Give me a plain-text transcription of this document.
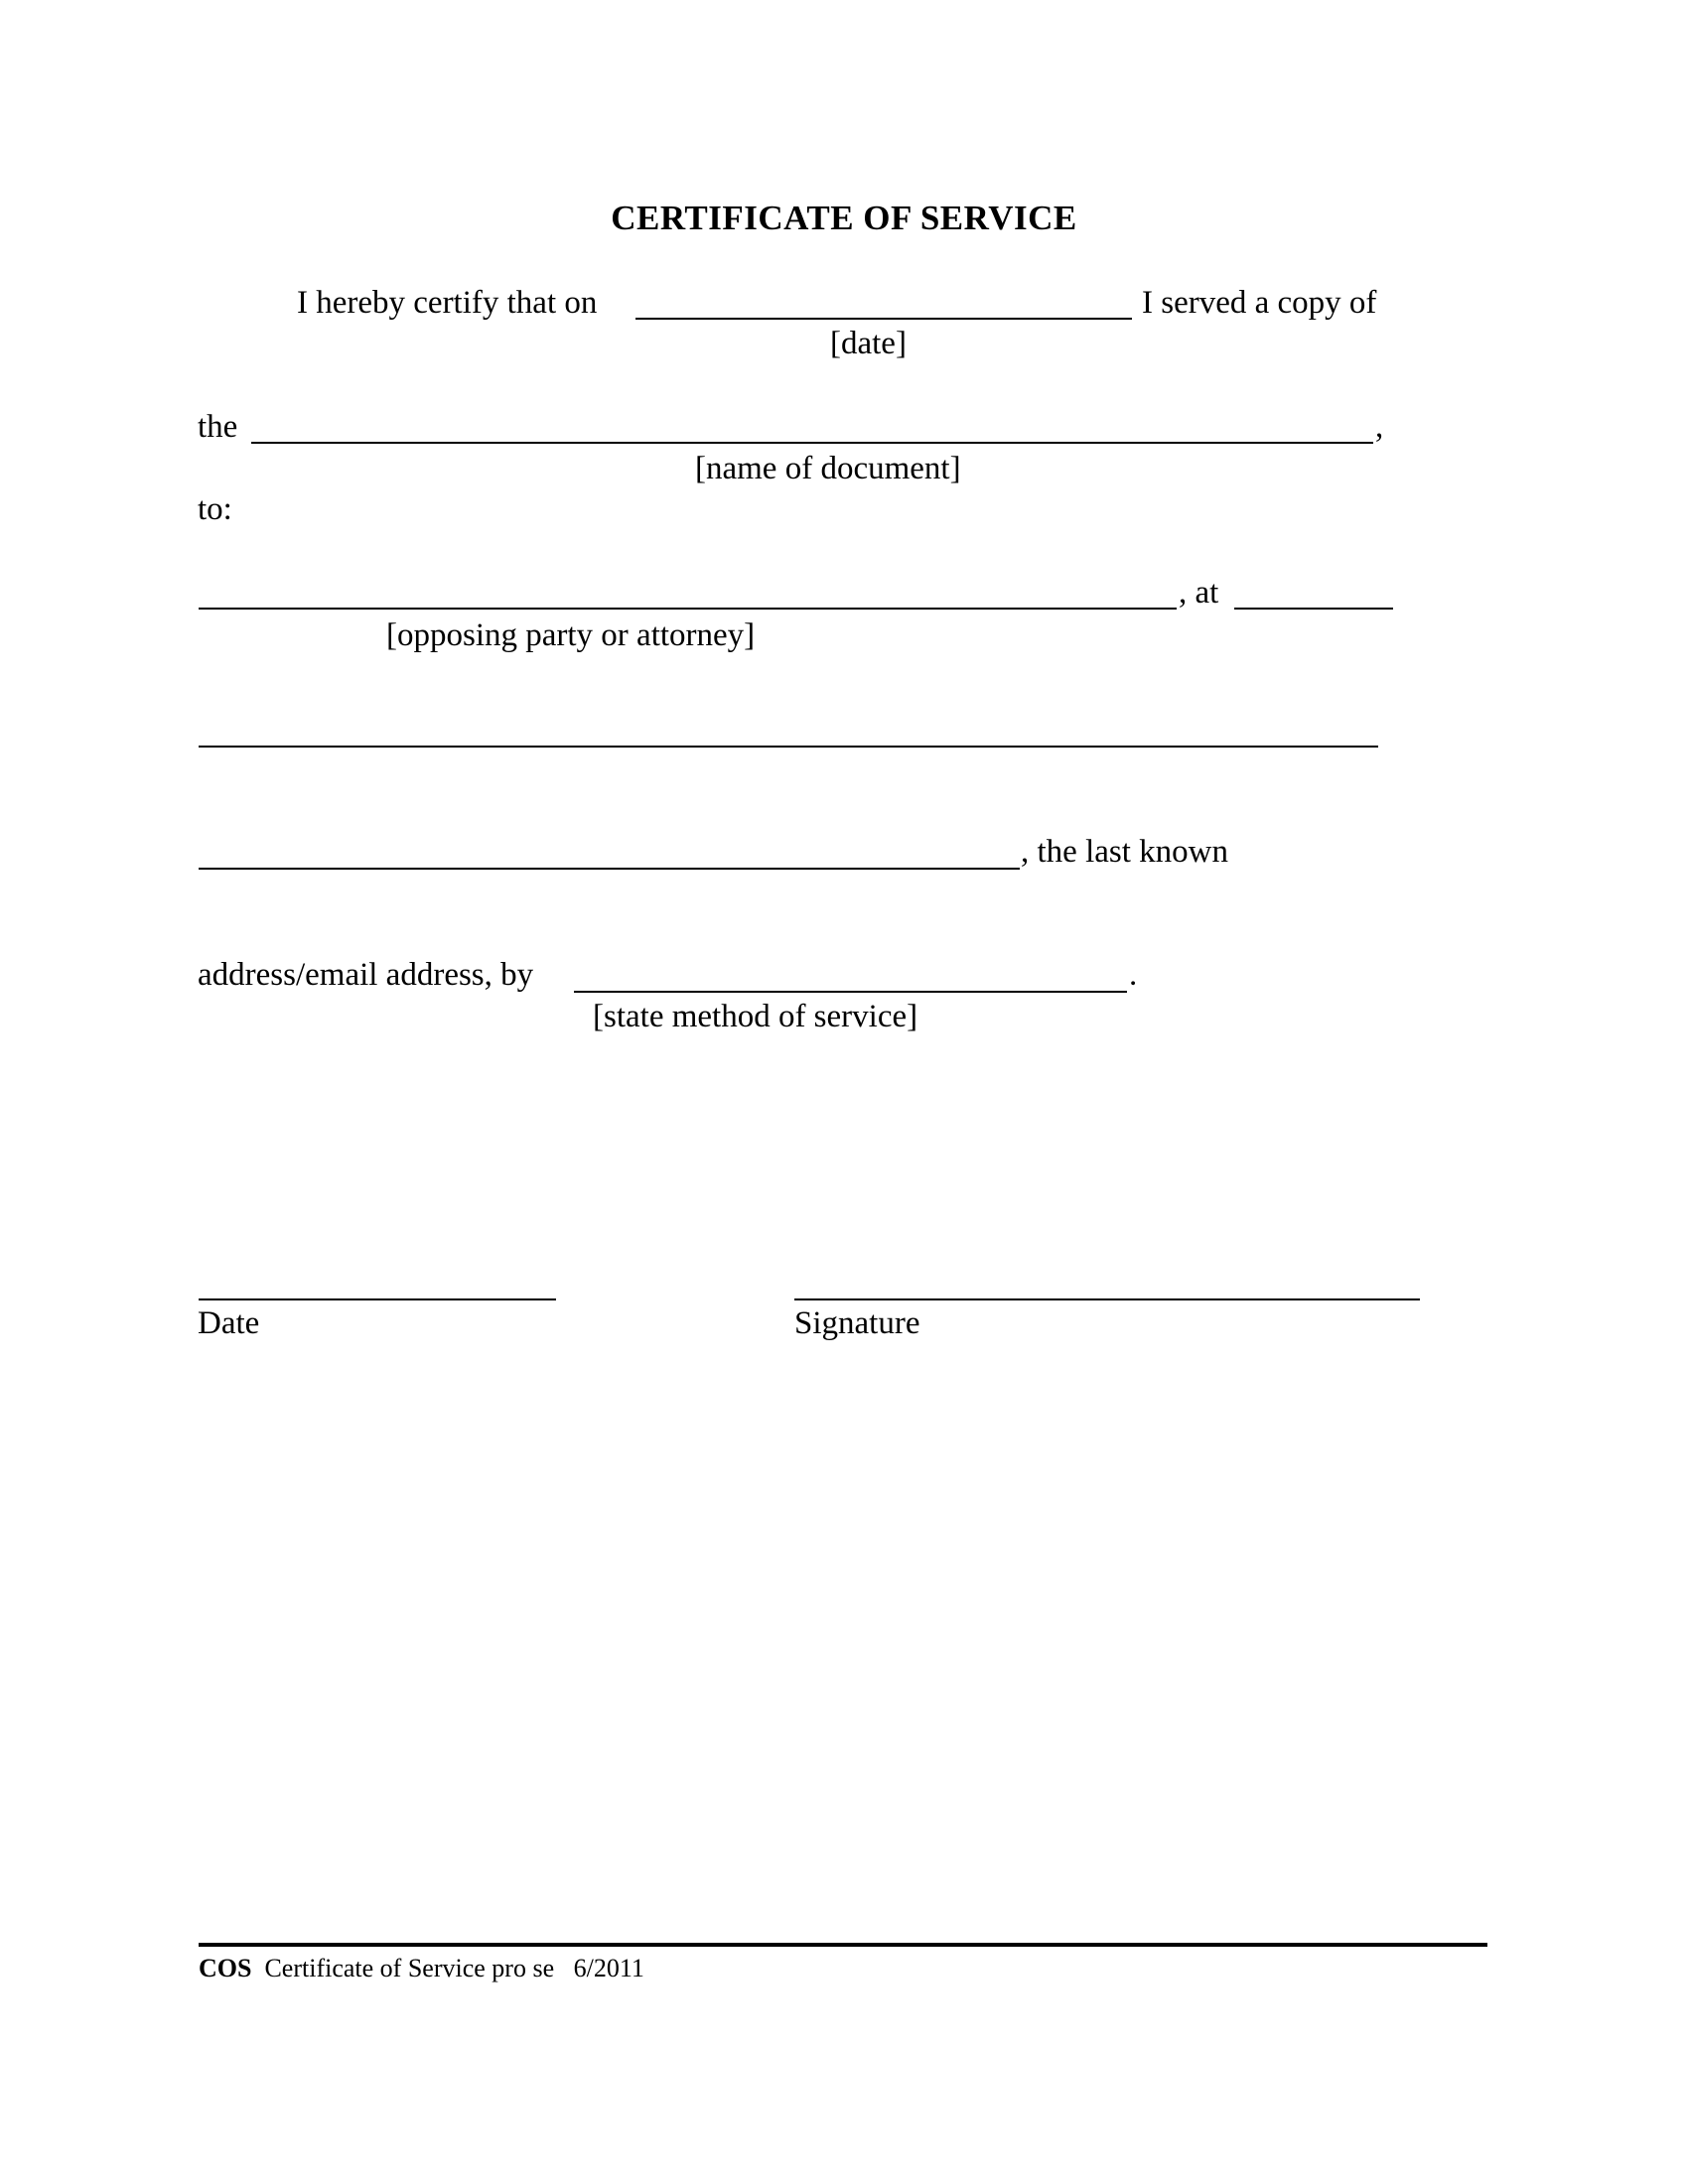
CERTIFICATE OF SERVICE
I hereby certify that on	I served a copy of
[date]
the	,
[name of document]
to:
, at
[opposing party or attorney]
, the last known
address/email address, by	.
[state method of service]
Date	Signature
COS Certificate of Service pro se   6/2011
